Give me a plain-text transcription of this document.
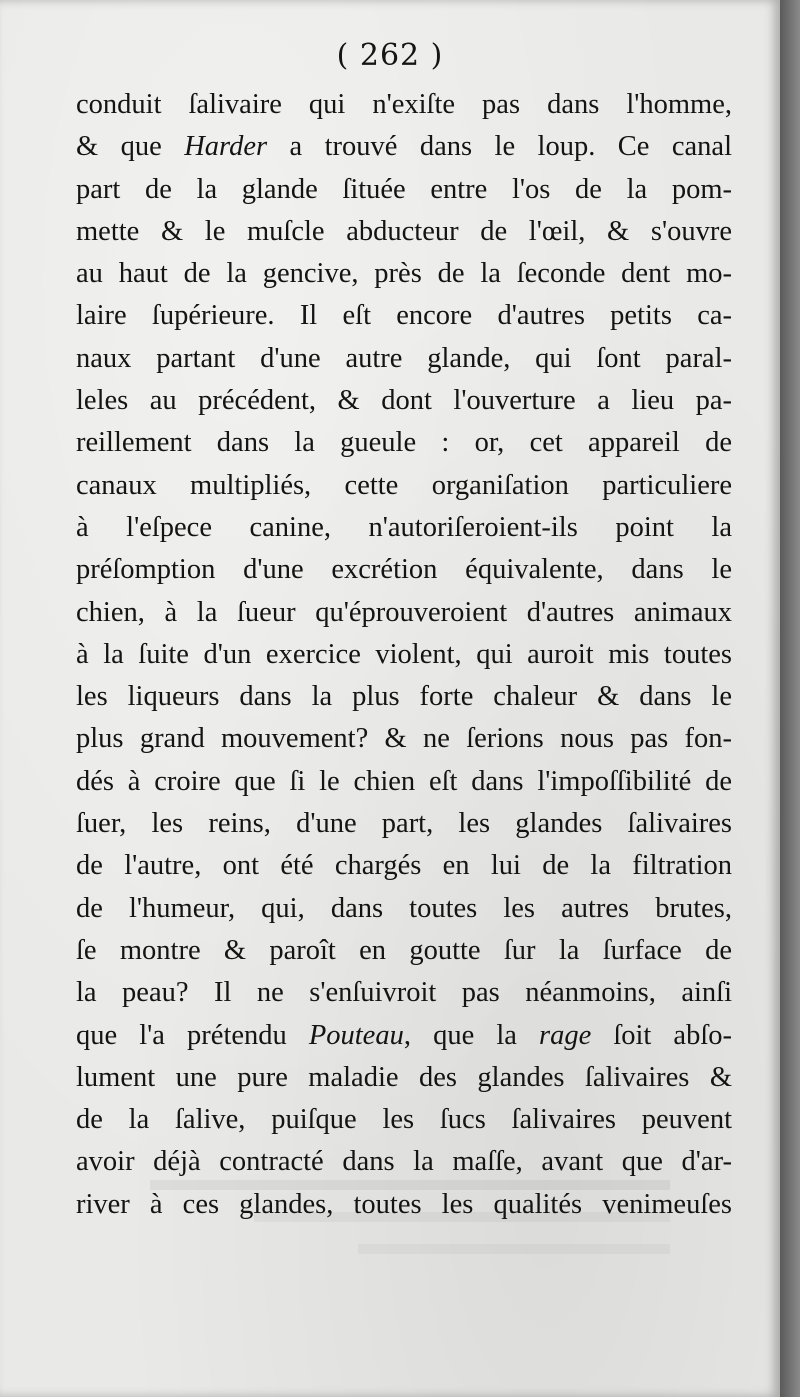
( 262 )
conduit ſalivaire qui n'exiſte pas dans l'homme,
& que Harder a trouvé dans le loup. Ce canal
part de la glande ſituée entre l'os de la pom-
mette & le muſcle abducteur de l'œil, & s'ouvre
au haut de la gencive, près de la ſeconde dent mo-
laire ſupérieure. Il eſt encore d'autres petits ca-
naux partant d'une autre glande, qui ſont paral-
leles au précédent, & dont l'ouverture a lieu pa-
reillement dans la gueule : or, cet appareil de
canaux multipliés, cette organiſation particuliere
à l'eſpece canine, n'autoriſeroient-ils point la
préſomption d'une excrétion équivalente, dans le
chien, à la ſueur qu'éprouveroient d'autres animaux
à la ſuite d'un exercice violent, qui auroit mis toutes
les liqueurs dans la plus forte chaleur & dans le
plus grand mouvement? & ne ſerions nous pas fon-
dés à croire que ſi le chien eſt dans l'impoſſibilité de
ſuer, les reins, d'une part, les glandes ſalivaires
de l'autre, ont été chargés en lui de la filtration
de l'humeur, qui, dans toutes les autres brutes,
ſe montre & paroît en goutte ſur la ſurface de
la peau? Il ne s'enſuivroit pas néanmoins, ainſi
que l'a prétendu Pouteau, que la rage ſoit abſo-
lument une pure maladie des glandes ſalivaires &
de la ſalive, puiſque les ſucs ſalivaires peuvent
avoir déjà contracté dans la maſſe, avant que d'ar-
river à ces glandes, toutes les qualités venimeuſes
